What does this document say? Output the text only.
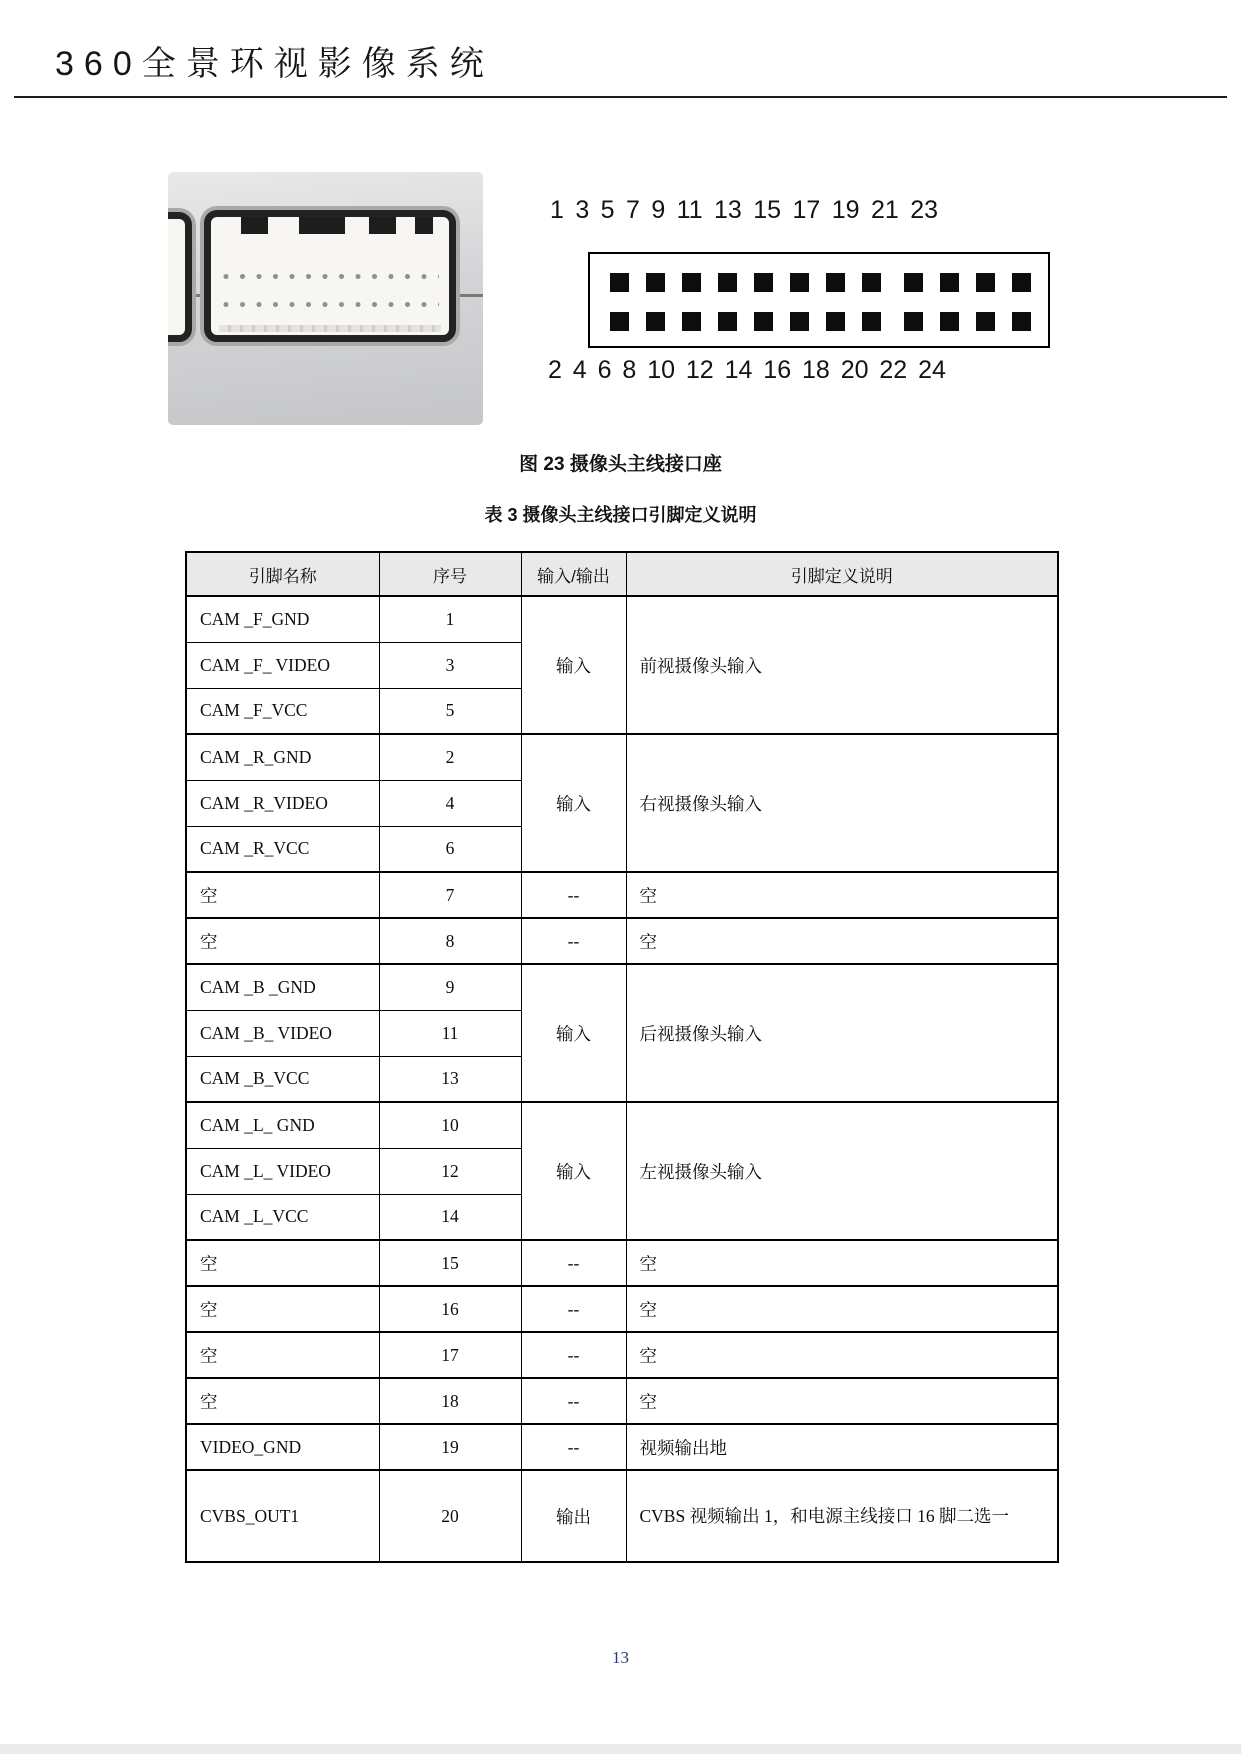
360全景环视影像系统
1 3 5 7 9 11 13 15 17 19 21 23
2 4 6 8 10 12 14 16 18 20 22 24
图 23 摄像头主线接口座
表 3 摄像头主线接口引脚定义说明
引脚名称	序号	输入/输出	引脚定义说明
CAM _F_GND	1	输入	前视摄像头输入
CAM _F_ VIDEO	3		
CAM _F_VCC	5		
CAM _R_GND	2	输入	右视摄像头输入
CAM _R_VIDEO	4		
CAM _R_VCC	6		
空	7	--	空
空	8	--	空
CAM _B _GND	9	输入	后视摄像头输入
CAM _B_ VIDEO	11		
CAM _B_VCC	13		
CAM _L_ GND	10	输入	左视摄像头输入
CAM _L_ VIDEO	12		
CAM _L_VCC	14		
空	15	--	空
空	16	--	空
空	17	--	空
空	18	--	空
VIDEO_GND	19	--	视频输出地
CVBS_OUT1	20	输出	CVBS 视频输出 1，和电源主线接口 16 脚二选一
13
